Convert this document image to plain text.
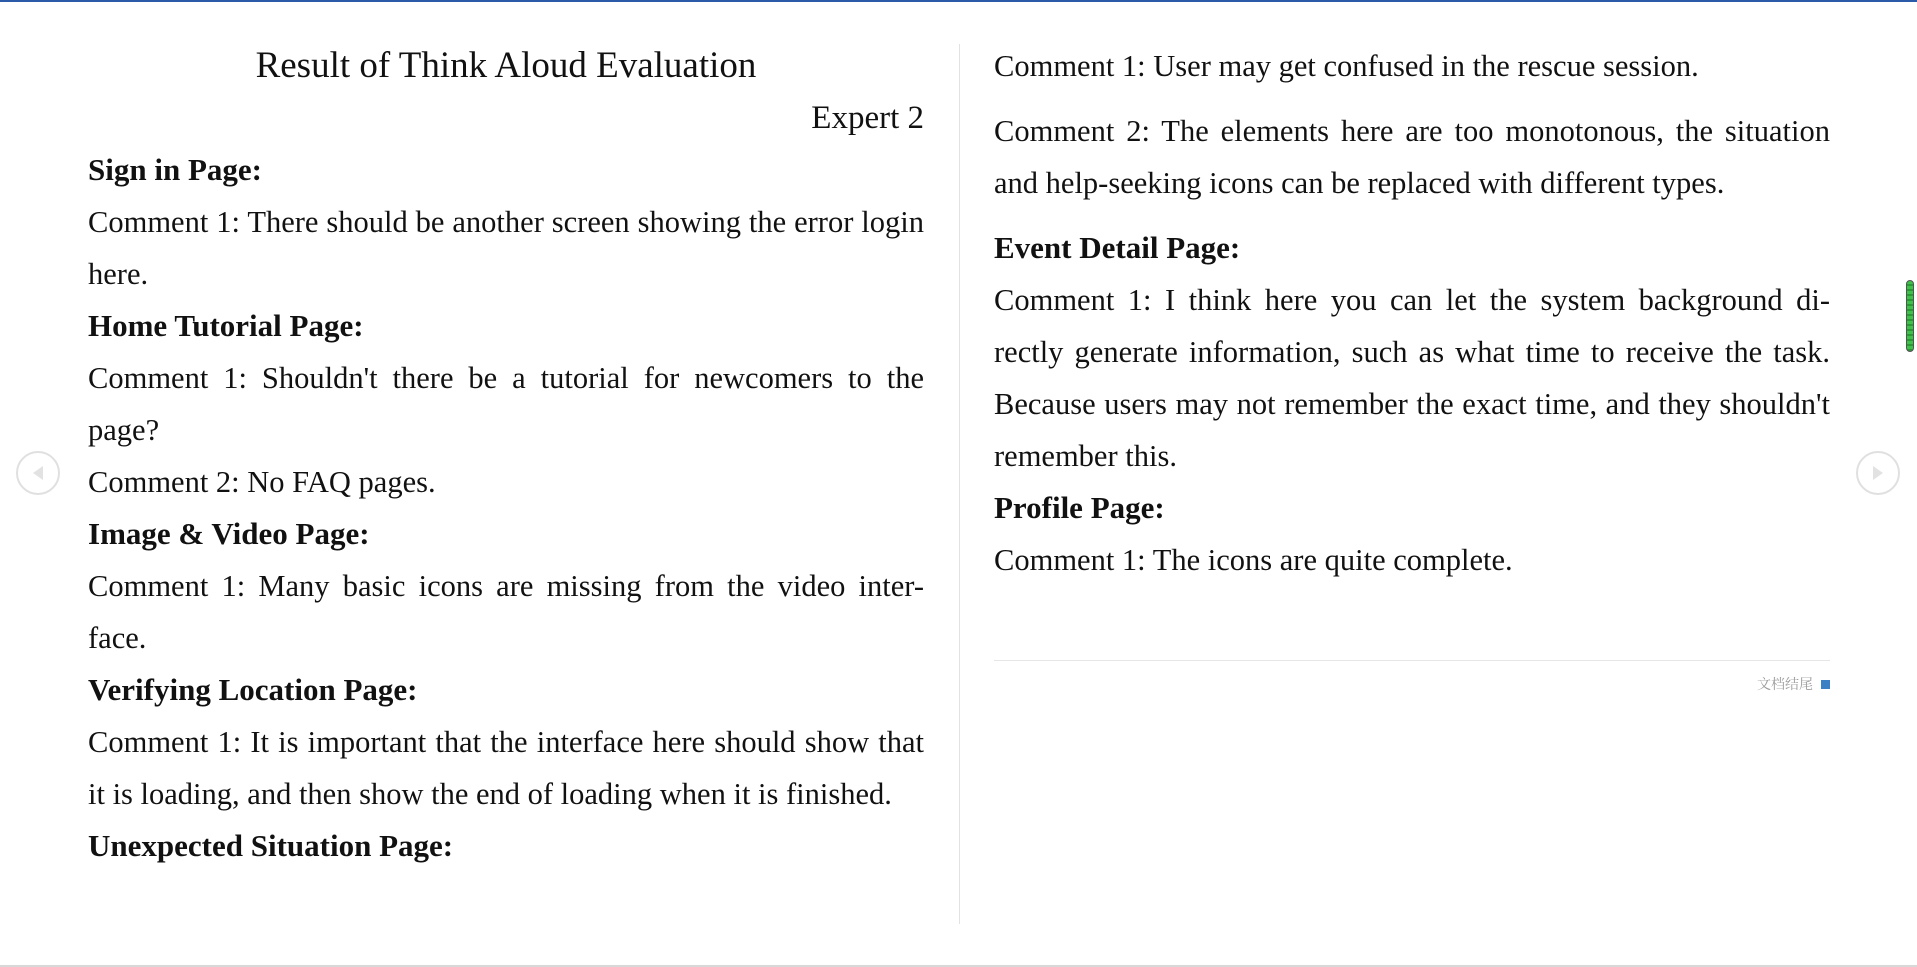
Result of Think Aloud Evaluation

Expert 2

Sign in Page:

Comment 1: There should be another screen showing the error login here.

Home Tutorial Page:

Comment 1: Shouldn't there be a tutorial for newcomers to the page?

Comment 2: No FAQ pages.

Image & Video Page:

Comment 1: Many basic icons are missing from the video inter-face.

Verifying Location Page:

Comment 1: It is important that the interface here should show that it is loading, and then show the end of loading when it is finished.

Unexpected Situation Page:

Comment 1: User may get confused in the rescue session.

Comment 2: The elements here are too monotonous, the situation and help-seeking icons can be replaced with different types.

Event Detail Page:

Comment 1: I think here you can let the system background di-rectly generate information, such as what time to receive the task. Because users may not remember the exact time, and they shouldn't remember this.

Profile Page:

Comment 1: The icons are quite complete.

文档结尾
